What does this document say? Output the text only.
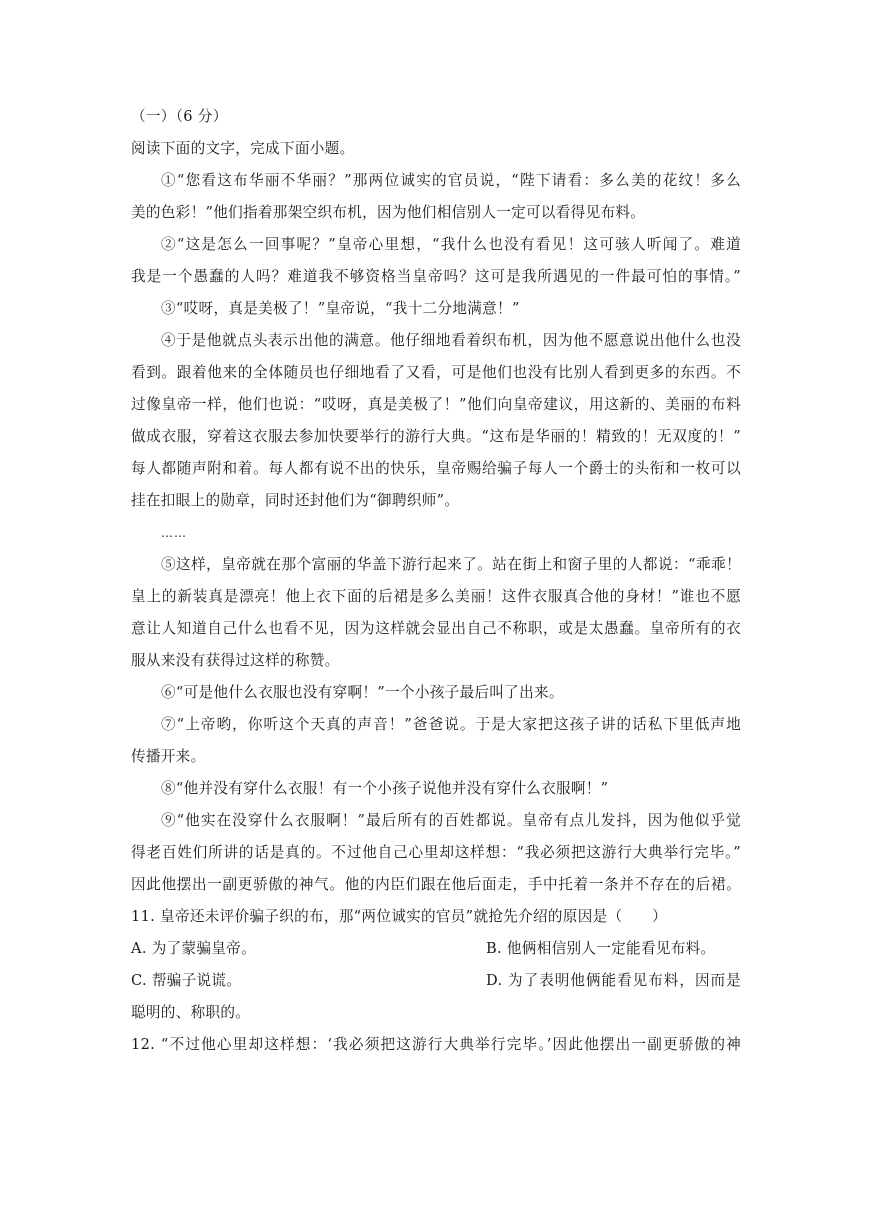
（一）（6 分）
阅读下面的文字，完成下面小题。
①“您看这布华丽不华丽？”那两位诚实的官员说，“陛下请看：多么美的花纹！多么
美的色彩！”他们指着那架空织布机，因为他们相信别人一定可以看得见布料。
②“这是怎么一回事呢？”皇帝心里想，“我什么也没有看见！这可骇人听闻了。难道
我是一个愚蠢的人吗？难道我不够资格当皇帝吗？这可是我所遇见的一件最可怕的事情。”
③“哎呀，真是美极了！”皇帝说，“我十二分地满意！”
④于是他就点头表示出他的满意。他仔细地看着织布机，因为他不愿意说出他什么也没
看到。跟着他来的全体随员也仔细地看了又看，可是他们也没有比别人看到更多的东西。不
过像皇帝一样，他们也说：“哎呀，真是美极了！”他们向皇帝建议，用这新的、美丽的布料
做成衣服，穿着这衣服去参加快要举行的游行大典。“这布是华丽的！精致的！无双度的！”
每人都随声附和着。每人都有说不出的快乐，皇帝赐给骗子每人一个爵士的头衔和一枚可以
挂在扣眼上的勋章，同时还封他们为“御聘织师”。
……
⑤这样，皇帝就在那个富丽的华盖下游行起来了。站在街上和窗子里的人都说：“乖乖！
皇上的新装真是漂亮！他上衣下面的后裙是多么美丽！这件衣服真合他的身材！”谁也不愿
意让人知道自己什么也看不见，因为这样就会显出自己不称职，或是太愚蠢。皇帝所有的衣
服从来没有获得过这样的称赞。
⑥“可是他什么衣服也没有穿啊！”一个小孩子最后叫了出来。
⑦“上帝哟，你听这个天真的声音！”爸爸说。于是大家把这孩子讲的话私下里低声地
传播开来。
⑧“他并没有穿什么衣服！有一个小孩子说他并没有穿什么衣服啊！”
⑨“他实在没穿什么衣服啊！”最后所有的百姓都说。皇帝有点儿发抖，因为他似乎觉
得老百姓们所讲的话是真的。不过他自己心里却这样想：“我必须把这游行大典举行完毕。”
因此他摆出一副更骄傲的神气。他的内臣们跟在他后面走，手中托着一条并不存在的后裙。
11. 皇帝还未评价骗子织的布，那“两位诚实的官员”就抢先介绍的原因是（　　）
A. 为了蒙骗皇帝。	B. 他俩相信别人一定能看见布料。
C. 帮骗子说谎。	D. 为了表明他俩能看见布料，因而是
聪明的、称职的。
12. “不过他心里却这样想：‘我必须把这游行大典举行完毕。’因此他摆出一副更骄傲的神
